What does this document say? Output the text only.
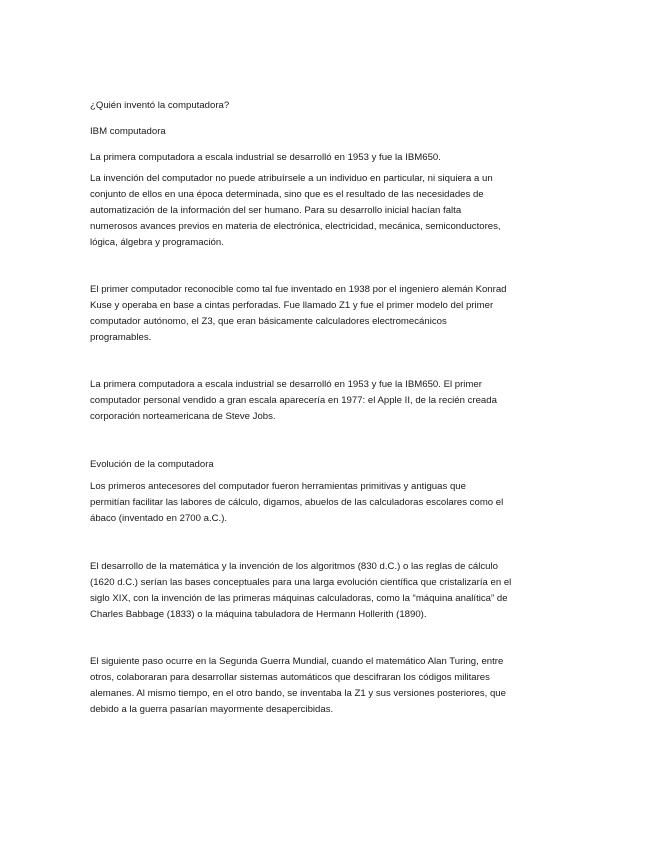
¿Quién inventó la computadora?

IBM computadora

La primera computadora a escala industrial se desarrolló en 1953 y fue la IBM650.

La invención del computador no puede atribuírsele a un individuo en particular, ni siquiera a un

conjunto de ellos en una época determinada, sino que es el resultado de las necesidades de

automatización de la información del ser humano. Para su desarrollo inicial hacían falta

numerosos avances previos en materia de electrónica, electricidad, mecánica, semiconductores,

lógica, álgebra y programación.

El primer computador reconocible como tal fue inventado en 1938 por el ingeniero alemán Konrad

Kuse y operaba en base a cintas perforadas. Fue llamado Z1 y fue el primer modelo del primer

computador autónomo, el Z3, que eran básicamente calculadores electromecánicos

programables.

La primera computadora a escala industrial se desarrolló en 1953 y fue la IBM650. El primer

computador personal vendido a gran escala aparecería en 1977: el Apple II, de la recién creada

corporación norteamericana de Steve Jobs.

Evolución de la computadora

Los primeros antecesores del computador fueron herramientas primitivas y antiguas que

permitían facilitar las labores de cálculo, digamos, abuelos de las calculadoras escolares como el

ábaco (inventado en 2700 a.C.).

El desarrollo de la matemática y la invención de los algoritmos (830 d.C.) o las reglas de cálculo

(1620 d.C.) serían las bases conceptuales para una larga evolución científica que cristalizaría en el

siglo XIX, con la invención de las primeras máquinas calculadoras, como la “máquina analítica” de

Charles Babbage (1833) o la máquina tabuladora de Hermann Hollerith (1890).

El siguiente paso ocurre en la Segunda Guerra Mundial, cuando el matemático Alan Turing, entre

otros, colaboraran para desarrollar sistemas automáticos que descifraran los códigos militares

alemanes. Al mismo tiempo, en el otro bando, se inventaba la Z1 y sus versiones posteriores, que

debido a la guerra pasarían mayormente desapercibidas.
